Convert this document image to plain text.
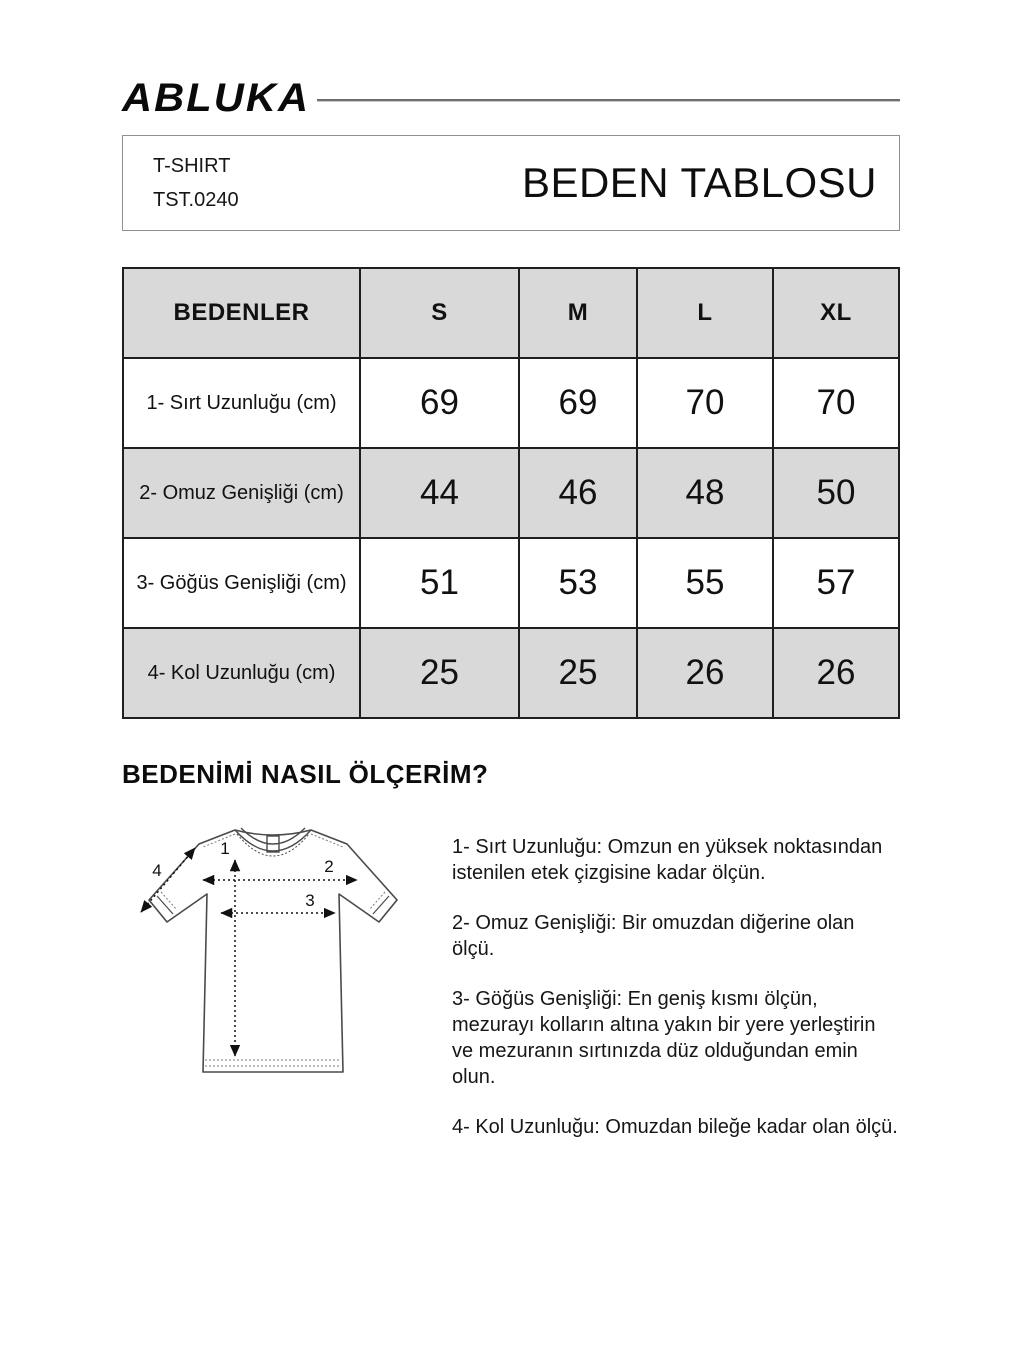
ABLUKA
T-SHIRT
TST.0240	BEDEN TABLOSU
BEDENLER	S	M	L	XL
1- Sırt Uzunluğu (cm)	69	69	70	70
2- Omuz Genişliği (cm)	44	46	48	50
3- Göğüs Genişliği (cm)	51	53	55	57
4- Kol Uzunluğu (cm)	25	25	26	26
BEDENİMİ NASIL ÖLÇERİM?
1
2
3
4

1- Sırt Uzunluğu: Omzun en yüksek noktasından istenilen etek çizgisine kadar ölçün.

2- Omuz Genişliği: Bir omuzdan diğerine olan ölçü.

3- Göğüs Genişliği: En geniş kısmı ölçün, mezurayı kolların altına yakın bir yere yerleştirin ve mezuranın sırtınızda düz olduğundan emin olun.

4- Kol Uzunluğu: Omuzdan bileğe kadar olan ölçü.
